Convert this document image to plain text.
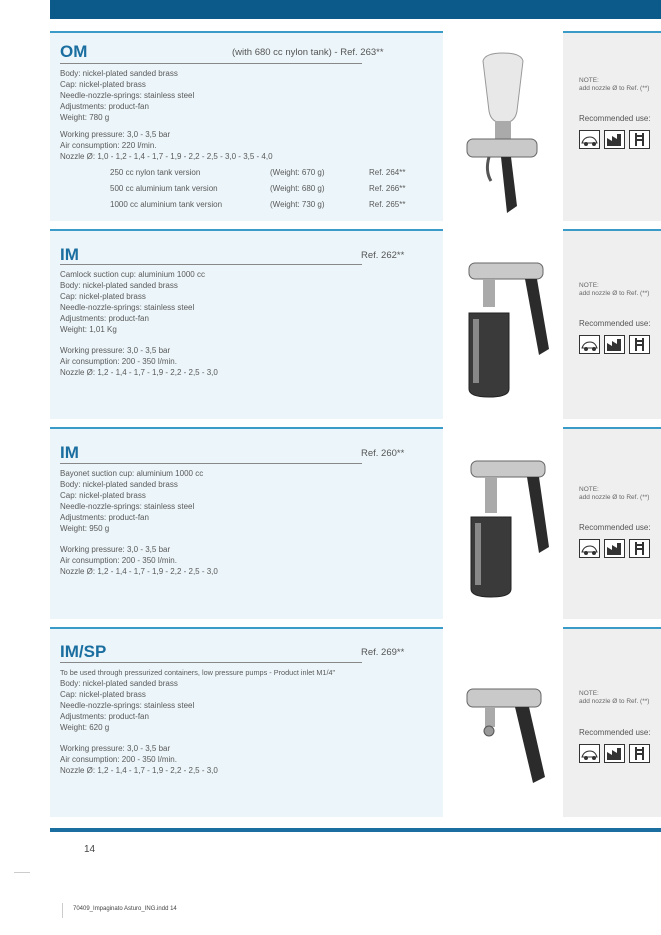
NOTE:
add nozzle Ø to Ref. (**)
Recommended use:
OM	(with 680 cc nylon tank) - Ref. 263**
Body: nickel-plated sanded brass
Cap: nickel-plated brass
Needle-nozzle-springs: stainless steel
Adjustments: product-fan
Weight: 780 g
Working pressure: 3,0 - 3,5 bar
Air consumption: 220 l/min.
Nozzle Ø: 1,0 - 1,2 - 1,4 - 1,7 - 1,9 - 2,2 - 2,5 - 3,0 - 3,5 - 4,0
250 cc nylon tank version	(Weight: 670 g)	Ref. 264**
500 cc aluminium tank version	(Weight: 680 g)	Ref. 266**
1000 cc aluminium tank version	(Weight: 730 g)	Ref. 265**
NOTE:
add nozzle Ø to Ref. (**)
Recommended use:
IM	Ref. 262**
Camlock suction cup: aluminium 1000 cc
Body: nickel-plated sanded brass
Cap: nickel-plated brass
Needle-nozzle-springs: stainless steel
Adjustments: product-fan
Weight: 1,01 Kg
Working pressure: 3,0 - 3,5 bar
Air consumption: 200 - 350 l/min.
Nozzle Ø: 1,2 - 1,4 - 1,7 - 1,9 - 2,2 - 2,5 - 3,0
NOTE:
add nozzle Ø to Ref. (**)
Recommended use:
IM	Ref. 260**
Bayonet suction cup: aluminium 1000 cc
Body: nickel-plated sanded brass
Cap: nickel-plated brass
Needle-nozzle-springs: stainless steel
Adjustments: product-fan
Weight: 950 g
Working pressure: 3,0 - 3,5 bar
Air consumption: 200 - 350 l/min.
Nozzle Ø: 1,2 - 1,4 - 1,7 - 1,9 - 2,2 - 2,5 - 3,0
NOTE:
add nozzle Ø to Ref. (**)
Recommended use:
IM/SP	Ref. 269**
To be used through pressurized containers, low pressure pumps - Product inlet M1/4"
Body: nickel-plated sanded brass
Cap: nickel-plated brass
Needle-nozzle-springs: stainless steel
Adjustments: product-fan
Weight: 620 g
Working pressure: 3,0 - 3,5 bar
Air consumption: 200 - 350 l/min.
Nozzle Ø: 1,2 - 1,4 - 1,7 - 1,9 - 2,2 - 2,5 - 3,0
14
70409_Impaginato Asturo_ING.indd 14
